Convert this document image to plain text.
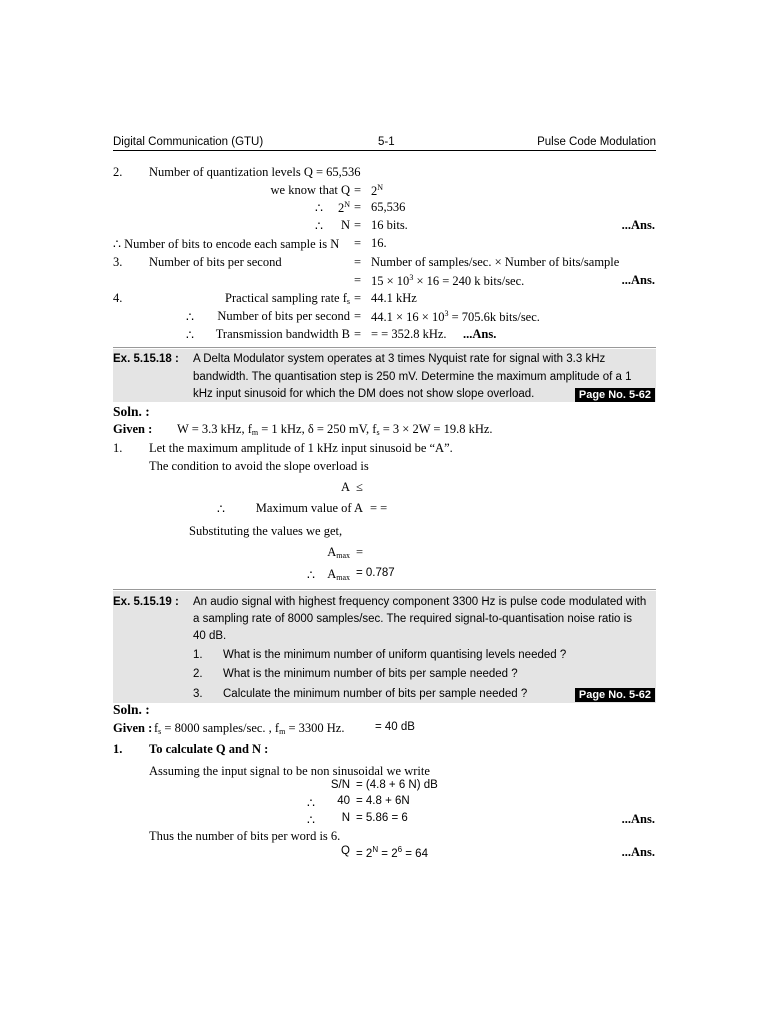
Digital Communication (GTU)	5-1	Pulse Code Modulation
2. Number of quantization levels Q = 65,536
we know that $Q = 2^N$
∴ $2^N = 65,536$
∴ N = 16 bits.	...Ans.
∴ Number of bits to encode each sample is N = 16.
3. Number of bits per second	= Number of samples/sec. × Number of bits/sample
= $15 \times 10^3 \times 16 = 240$ k bits/sec.	...Ans.
4.	Practical sampling rate $f_s = 44.1$ kHz
∴ Number of bits per second = $44.1 \times 16 \times 10^3 = 705.6k$ bits/sec.
∴ Transmission bandwidth B = = = 352.8 kHz. ...Ans.
Ex. 5.15.18 : A Delta Modulator system operates at 3 times Nyquist rate for signal with 3.3 kHz
bandwidth. The quantisation step is 250 mV. Determine the maximum amplitude of a 1
kHz input sinusoid for which the DM does not show slope overload.	Page No. 5-62
Soln. :
Given : W = 3.3 kHz, $f_m = 1$ kHz, δ = 250 mV, $f_s = 3 \times 2W = 19.8$ kHz.
1. Let the maximum amplitude of 1 kHz input sinusoid be “A”.
The condition to avoid the slope overload is
A ≤
∴ Maximum value of A = =
Substituting the values we get,
$A_{max}$ =
∴ $A_{max} = 0.787$
Ex. 5.15.19 : An audio signal with highest frequency component 3300 Hz is pulse code modulated with
a sampling rate of 8000 samples/sec. The required signal-to-quantisation noise ratio is
40 dB.
1. What is the minimum number of uniform quantising levels needed ?
2. What is the minimum number of bits per sample needed ?
3. Calculate the minimum number of bits per sample needed ?	Page No. 5-62
Soln. :
Given : $f_s = 8000$ samples/sec. , $f_m = 3300$ Hz.	= 40 dB
1. To calculate Q and N :
Assuming the input signal to be non sinusoidal we write
S/N = (4.8 + 6 N) dB
∴ 40 = 4.8 + 6N
∴ N = 5.86 = 6	...Ans.
Thus the number of bits per word is 6.
$Q = 2^N = 2^6 = 64$	...Ans.
